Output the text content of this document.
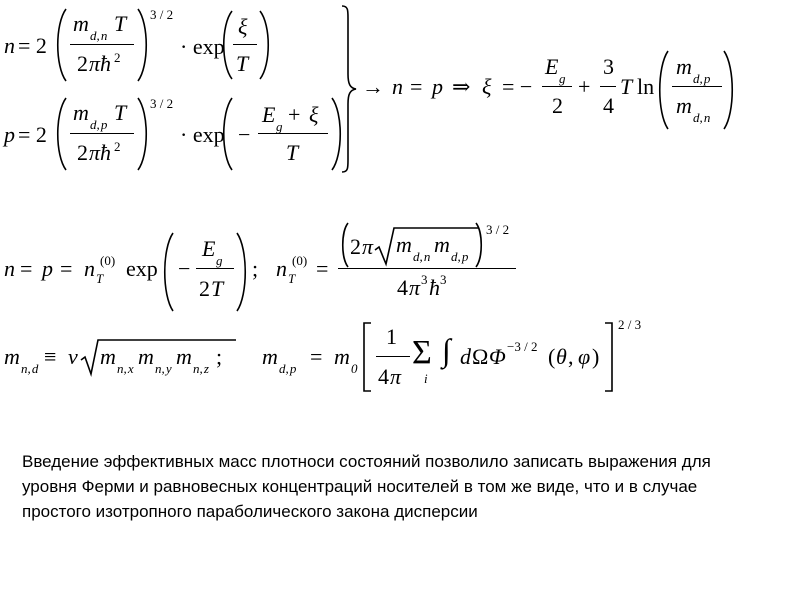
n = 2
m d, n T
2 πħ 2
3 / 2
· exp
ξ
T
p = 2
m d, p T
2 πħ 2
3 / 2
· exp −
E g + ξ
T
→ n = p ⇒ ξ = −
E g
2
+
3
4
T ln
m d, p
m d, n
n = p = n T
(0) exp −
E g
2 T
; n T
(0) =
2 π m d, n m d, p
3 / 2
4 π 3 ħ 3
m n, d ≡ ν m n, x m n, y m n, z ; m d, p = m 0
1
4 π
Σ
i
∫ d Ω Φ −3 / 2 ( θ , φ )
2 / 3

Введение эффективных масс плотноси состояний позволило записать выражения для уровня Ферми и равновесных концентраций носителей в том же виде, что и в случае простого изотропного параболического закона дисперсии
